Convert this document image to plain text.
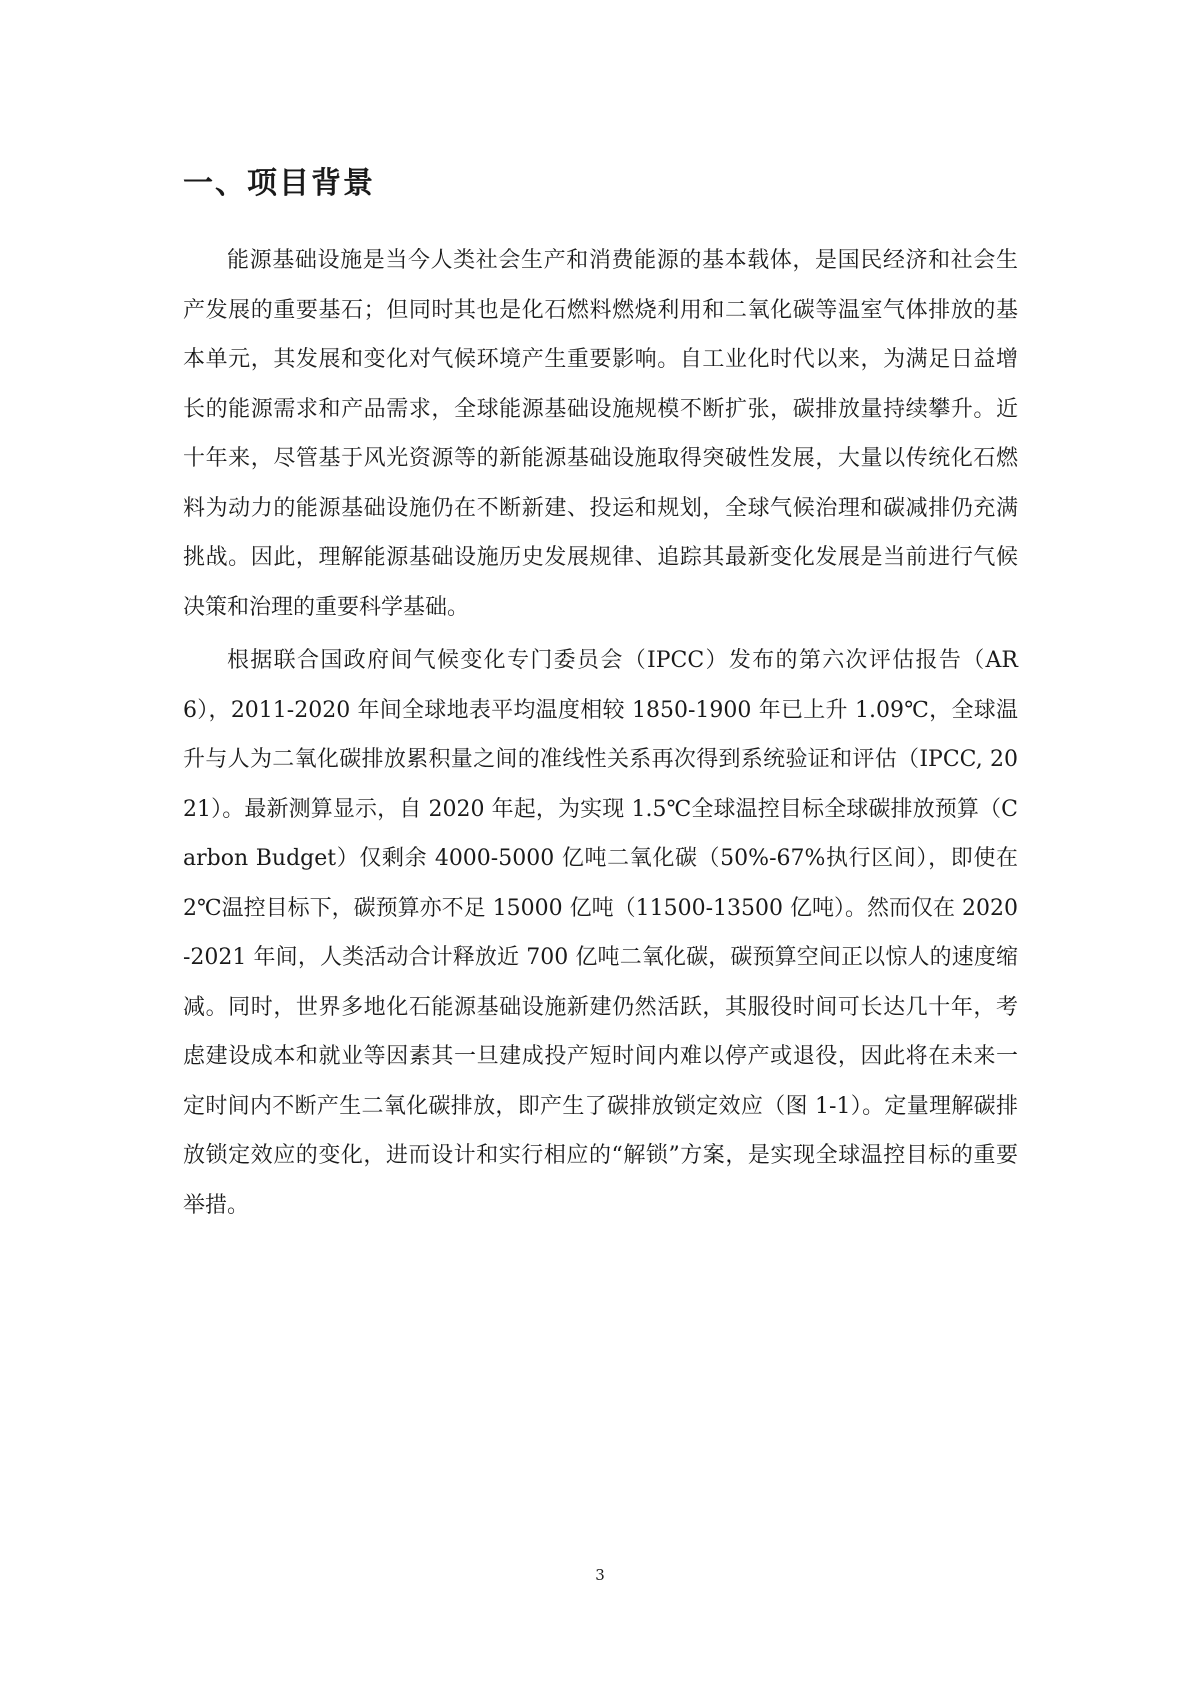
一、项目背景

能源基础设施是当今人类社会生产和消费能源的基本载体，是国民经济和社会生产发展的重要基石；但同时其也是化石燃料燃烧利用和二氧化碳等温室气体排放的基本单元，其发展和变化对气候环境产生重要影响。自工业化时代以来，为满足日益增长的能源需求和产品需求，全球能源基础设施规模不断扩张，碳排放量持续攀升。近十年来，尽管基于风光资源等的新能源基础设施取得突破性发展，大量以传统化石燃料为动力的能源基础设施仍在不断新建、投运和规划，全球气候治理和碳减排仍充满挑战。因此，理解能源基础设施历史发展规律、追踪其最新变化发展是当前进行气候决策和治理的重要科学基础。

根据联合国政府间气候变化专门委员会（IPCC）发布的第六次评估报告（AR6），2011-2020 年间全球地表平均温度相较 1850-1900 年已上升 1.09℃，全球温升与人为二氧化碳排放累积量之间的准线性关系再次得到系统验证和评估（IPCC, 2021）。最新测算显示，自 2020 年起，为实现 1.5℃全球温控目标全球碳排放预算（Carbon Budget）仅剩余 4000-5000 亿吨二氧化碳（50%-67%执行区间），即使在 2℃温控目标下，碳预算亦不足 15000 亿吨（11500-13500 亿吨）。然而仅在 2020-2021 年间，人类活动合计释放近 700 亿吨二氧化碳，碳预算空间正以惊人的速度缩减。同时，世界多地化石能源基础设施新建仍然活跃，其服役时间可长达几十年，考虑建设成本和就业等因素其一旦建成投产短时间内难以停产或退役，因此将在未来一定时间内不断产生二氧化碳排放，即产生了碳排放锁定效应（图 1-1）。定量理解碳排放锁定效应的变化，进而设计和实行相应的“解锁”方案，是实现全球温控目标的重要举措。

3
